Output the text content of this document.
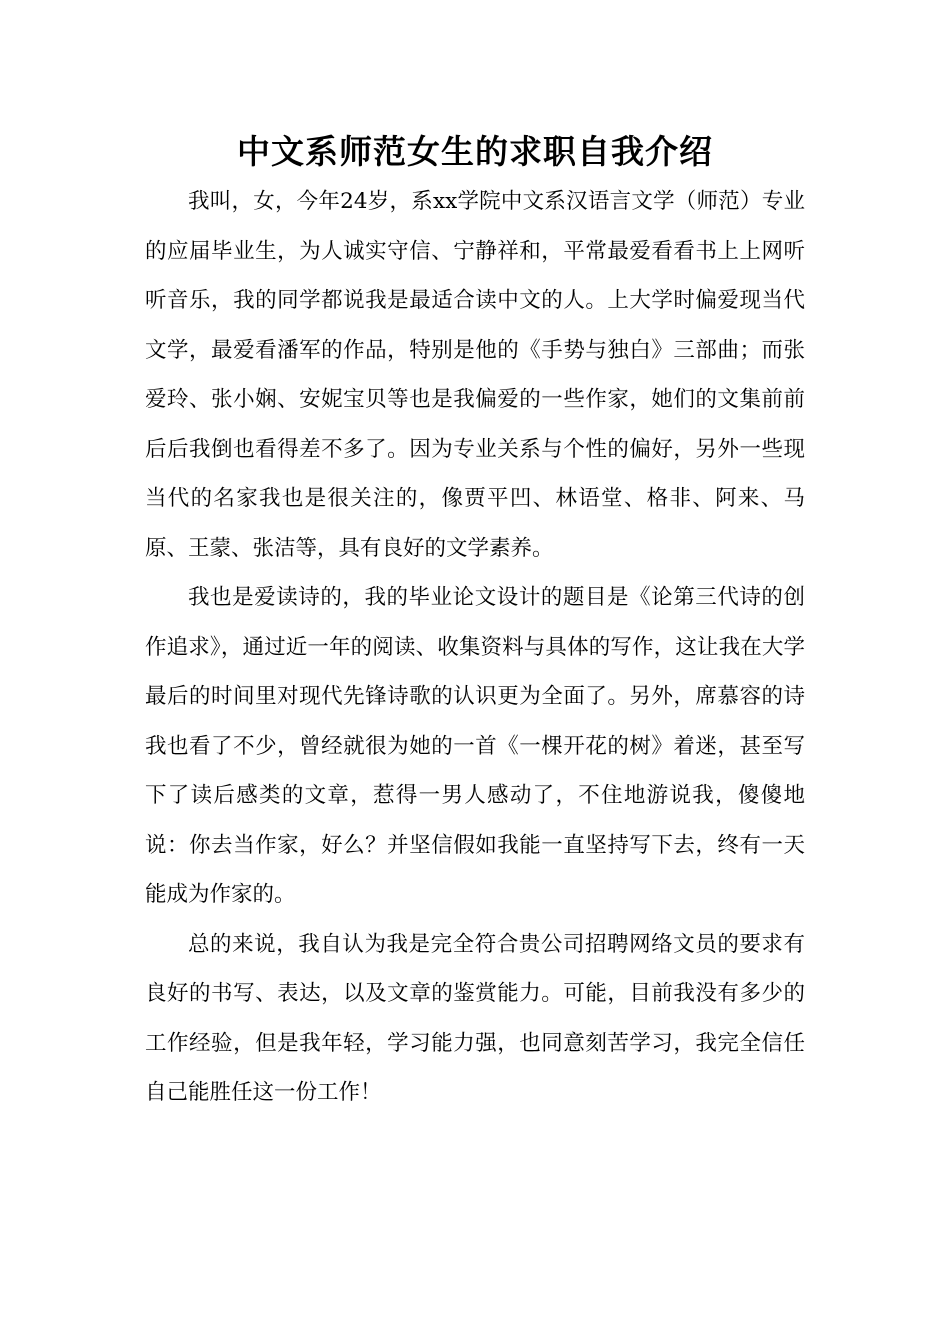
中文系师范女生的求职自我介绍

我叫，女，今年24岁，系xx学院中文系汉语言文学（师范）专业的应届毕业生，为人诚实守信、宁静祥和，平常最爱看看书上上网听听音乐，我的同学都说我是最适合读中文的人。上大学时偏爱现当代文学，最爱看潘军的作品，特别是他的《手势与独白》三部曲；而张爱玲、张小娴、安妮宝贝等也是我偏爱的一些作家，她们的文集前前后后我倒也看得差不多了。因为专业关系与个性的偏好，另外一些现当代的名家我也是很关注的，像贾平凹、林语堂、格非、阿来、马原、王蒙、张洁等，具有良好的文学素养。

我也是爱读诗的，我的毕业论文设计的题目是《论第三代诗的创作追求》，通过近一年的阅读、收集资料与具体的写作，这让我在大学最后的时间里对现代先锋诗歌的认识更为全面了。另外，席慕容的诗我也看了不少，曾经就很为她的一首《一棵开花的树》着迷，甚至写下了读后感类的文章，惹得一男人感动了，不住地游说我，傻傻地说：你去当作家，好么？并坚信假如我能一直坚持写下去，终有一天能成为作家的。

总的来说，我自认为我是完全符合贵公司招聘网络文员的要求有良好的书写、表达，以及文章的鉴赏能力。可能，目前我没有多少的工作经验，但是我年轻，学习能力强，也同意刻苦学习，我完全信任自己能胜任这一份工作！
